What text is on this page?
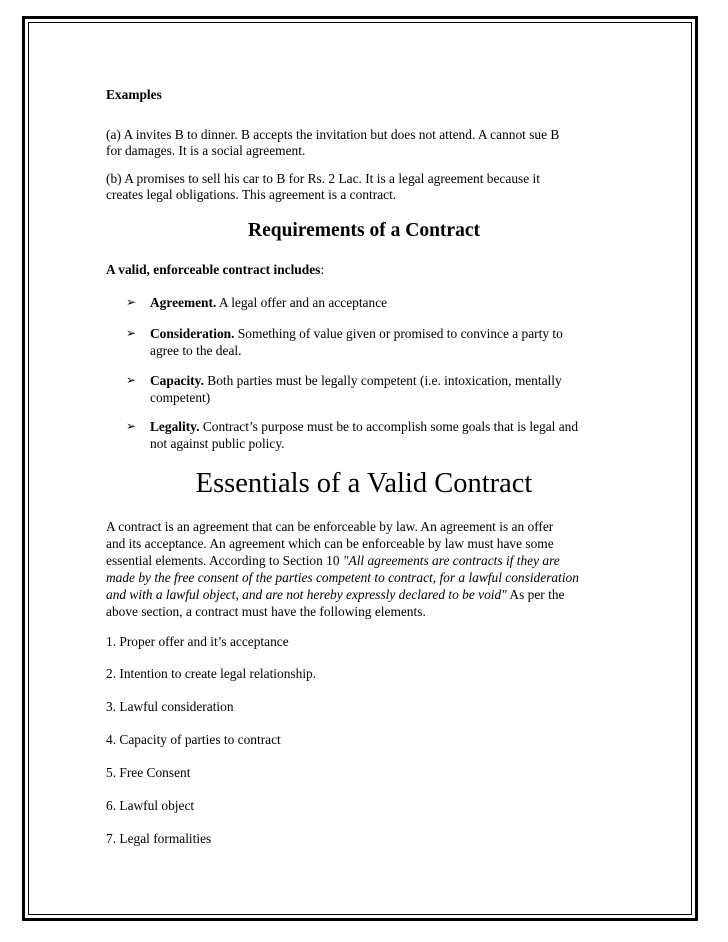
Examples
(a) A invites B to dinner. B accepts the invitation but does not attend. A cannot sue B
for damages. It is a social agreement.
(b) A promises to sell his car to B for Rs. 2 Lac. It is a legal agreement because it
creates legal obligations. This agreement is a contract.
Requirements of a Contract
A valid, enforceable contract includes:
➢ Agreement. A legal offer and an acceptance
➢ Consideration. Something of value given or promised to convince a party to
agree to the deal.
➢ Capacity. Both parties must be legally competent (i.e. intoxication, mentally
competent)
➢ Legality. Contract’s purpose must be to accomplish some goals that is legal and
not against public policy.
Essentials of a Valid Contract
A contract is an agreement that can be enforceable by law. An agreement is an offer
and its acceptance. An agreement which can be enforceable by law must have some
essential elements. According to Section 10 "All agreements are contracts if they are
made by the free consent of the parties competent to contract, for a lawful consideration
and with a lawful object, and are not hereby expressly declared to be void" As per the
above section, a contract must have the following elements.
1. Proper offer and it’s acceptance
2. Intention to create legal relationship.
3. Lawful consideration
4. Capacity of parties to contract
5. Free Consent
6. Lawful object
7. Legal formalities
